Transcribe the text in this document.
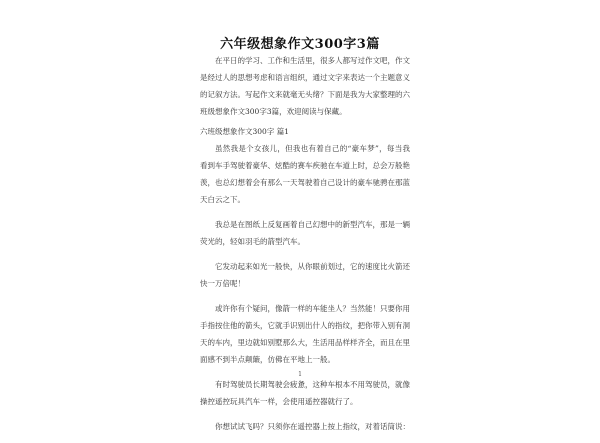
六年级想象作文300字3篇

在平日的学习、工作和生活里，很多人都写过作文吧，作文是经过人的思想考虑和语言组织，通过文字来表达一个主题意义的记叙方法。写起作文来就毫无头绪？下面是我为大家整理的六班级想象作文300字3篇，欢迎阅读与保藏。

六班级想象作文300字 篇1

虽然我是个女孩儿，但我也有着自己的“豪车梦”，每当我看到车手驾驶着豪华、炫酷的赛车疾驰在车道上时，总会万般艳羡，也总幻想着会有那么一天驾驶着自己设计的豪车驰骋在那蓝天白云之下。

我总是在图纸上反复画着自己幻想中的新型汽车，那是一辆荧光的，轻如羽毛的箭型汽车。

它发动起来如光一般快，从你眼前划过，它的速度比火箭还快一万倍呢！

或许你有个疑问，像箭一样的车能坐人？当然能！只要你用手指按住他的箭头，它就手识别出什人的指纹，把你带入别有洞天的车内，里边就如别墅那么大，生活用品样样齐全，而且在里面感不到半点颠簸，仿佛在平地上一般。

有时驾驶员长期驾驶会疲惫，这种车根本不用驾驶员，就像操控遥控玩具汽车一样，会使用遥控器就行了。

你想试试飞吗？只须你在遥控器上按上指纹，对着话筒说：

1
